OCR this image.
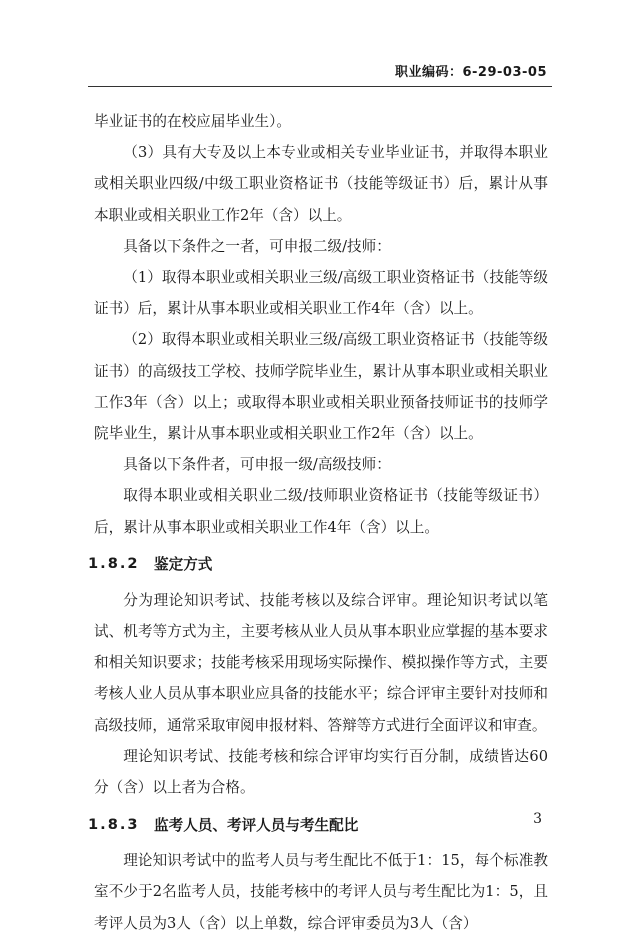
职业编码：6-29-03-05

毕业证书的在校应届毕业生）。

（3）具有大专及以上本专业或相关专业毕业证书，并取得本职业或相关职业四级/中级工职业资格证书（技能等级证书）后，累计从事本职业或相关职业工作2年（含）以上。

具备以下条件之一者，可申报二级/技师：

（1）取得本职业或相关职业三级/高级工职业资格证书（技能等级证书）后，累计从事本职业或相关职业工作4年（含）以上。

（2）取得本职业或相关职业三级/高级工职业资格证书（技能等级证书）的高级技工学校、技师学院毕业生，累计从事本职业或相关职业工作3年（含）以上；或取得本职业或相关职业预备技师证书的技师学院毕业生，累计从事本职业或相关职业工作2年（含）以上。

具备以下条件者，可申报一级/高级技师：

取得本职业或相关职业二级/技师职业资格证书（技能等级证书）后，累计从事本职业或相关职业工作4年（含）以上。

1.8.2 鉴定方式

分为理论知识考试、技能考核以及综合评审。理论知识考试以笔试、机考等方式为主，主要考核从业人员从事本职业应掌握的基本要求和相关知识要求；技能考核采用现场实际操作、模拟操作等方式，主要考核人业人员从事本职业应具备的技能水平；综合评审主要针对技师和高级技师，通常采取审阅申报材料、答辩等方式进行全面评议和审查。

理论知识考试、技能考核和综合评审均实行百分制，成绩皆达60分（含）以上者为合格。

1.8.3 监考人员、考评人员与考生配比

理论知识考试中的监考人员与考生配比不低于1：15，每个标准教室不少于2名监考人员，技能考核中的考评人员与考生配比为1：5，且考评人员为3人（含）以上单数，综合评审委员为3人（含）

3
